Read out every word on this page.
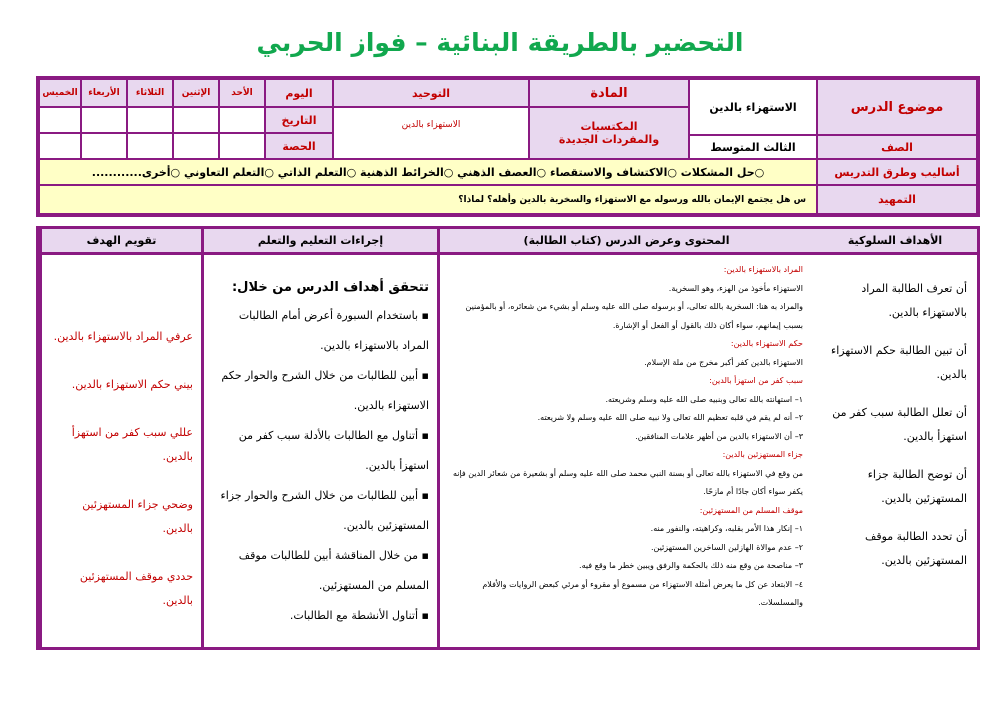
التحضير بالطريقة البنائية – فواز الحربي
موضوع الدرس
الاستهزاء بالدين
الصف
الثالث المتوسط
المادة
المكتسبات والمفردات الجديدة
التوحيد
الاستهزاء بالدين
اليوم
التاريخ
الحصة
الأحد
الإثنين
الثلاثاء
الأربعاء
الخميس
أساليب وطرق التدريس
○حل المشكلات ○الاكتشاف والاستقصاء ○العصف الذهني ○الخرائط الذهنية ○التعلم الذاتي ○التعلم التعاوني ○أخرى............
التمهيد
س هل يجتمع الإيمان بالله ورسوله مع الاستهزاء والسخرية بالدين وأهله؟ لماذا؟
الأهداف السلوكية
أن تعرف الطالبة المراد بالاستهزاء بالدين.
أن تبين الطالبة حكم الاستهزاء بالدين.
أن تعلل الطالبة سبب كفر من استهزأ بالدين.
أن توضح الطالبة جزاء المستهزئين بالدين.
أن تحدد الطالبة موقف المستهزئين بالدين.
المحتوى وعرض الدرس (كتاب الطالبة)
المراد بالاستهزاء بالدين:
الاستهزاء مأخوذ من الهزء، وهو السخرية.
والمراد به هنا: السخرية بالله تعالى، أو برسوله صلى الله عليه وسلم أو بشيء من شعائره، أو بالمؤمنين
بسبب إيمانهم، سواء أكان ذلك بالقول أو الفعل أو الإشارة.
حكم الاستهزاء بالدين:
الاستهزاء بالدين كفر أكبر مخرج من ملة الإسلام.
سبب كفر من استهزأ بالدين:
١– استهانته بالله تعالى وبنبيه صلى الله عليه وسلم وشريعته.
٢– أنه لم يقم في قلبه تعظيم الله تعالى ولا نبيه صلى الله عليه وسلم ولا شريعته.
٣– أن الاستهزاء بالدين من أظهر علامات المنافقين.
جزاء المستهزئين بالدين:
من وقع في الاستهزاء بالله تعالى أو بسنة النبي محمد صلى الله عليه وسلم أو بشعيرة من شعائر الدين فإنه
يكفر سواء أكان جادًا أم مازحًا.
موقف المسلم من المستهزئين:
١– إنكار هذا الأمر بقلبه، وكراهيته، والنفور منه.
٢– عدم موالاة الهازلين الساخرين المستهزئين.
٣– مناصحة من وقع منه ذلك بالحكمة والرفق ويبين خطر ما وقع فيه.
٤– الابتعاد عن كل ما يعرض أمثلة الاستهزاء من مسموع أو مقروء أو مرئي كبعض الروايات والأفلام
والمسلسلات.
إجراءات التعليم والتعلم
تتحقق أهداف الدرس من خلال:
▪ باستخدام السبورة أعرض أمام الطالبات المراد بالاستهزاء بالدين.
▪ أبين للطالبات من خلال الشرح والحوار حكم الاستهزاء بالدين.
▪ أتناول مع الطالبات بالأدلة سبب كفر من استهزأ بالدين.
▪ أبين للطالبات من خلال الشرح والحوار جزاء المستهزئين بالدين.
▪ من خلال المناقشة أبين للطالبات موقف المسلم من المستهزئين.
▪ أتناول الأنشطة مع الطالبات.
تقويم الهدف
عرفي المراد بالاستهزاء بالدين.
بيني حكم الاستهزاء بالدين.
عللي سبب كفر من استهزأ بالدين.
وضحي جزاء المستهزئين بالدين.
حددي موقف المستهزئين بالدين.
